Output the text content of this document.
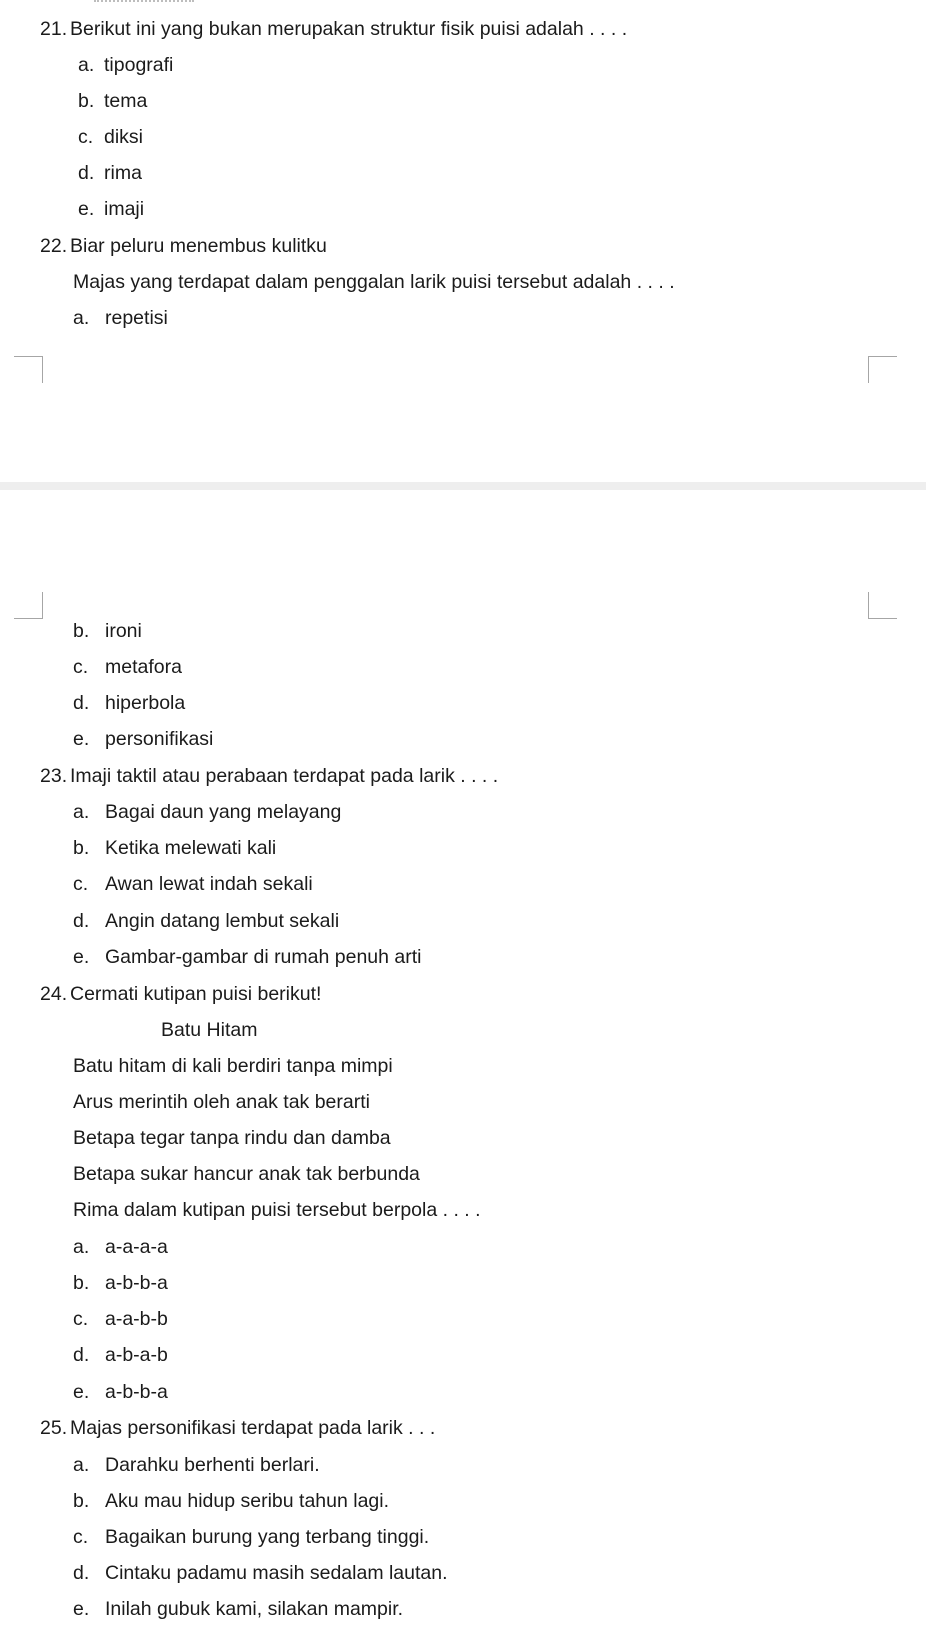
21. Berikut ini yang bukan merupakan struktur fisik puisi adalah . . . .
a. tipografi
b. tema
c. diksi
d. rima
e. imaji
22. Biar peluru menembus kulitku
Majas yang terdapat dalam penggalan larik puisi tersebut adalah . . . .
a. repetisi
b. ironi
c. metafora
d. hiperbola
e. personifikasi
23. Imaji taktil atau perabaan terdapat pada larik . . . .
a. Bagai daun yang melayang
b. Ketika melewati kali
c. Awan lewat indah sekali
d. Angin datang lembut sekali
e. Gambar-gambar di rumah penuh arti
24. Cermati kutipan puisi berikut!
Batu Hitam
Batu hitam di kali berdiri tanpa mimpi
Arus merintih oleh anak tak berarti
Betapa tegar tanpa rindu dan damba
Betapa sukar hancur anak tak berbunda
Rima dalam kutipan puisi tersebut berpola . . . .
a. a-a-a-a
b. a-b-b-a
c. a-a-b-b
d. a-b-a-b
e. a-b-b-a
25. Majas personifikasi terdapat pada larik . . .
a. Darahku berhenti berlari.
b. Aku mau hidup seribu tahun lagi.
c. Bagaikan burung yang terbang tinggi.
d. Cintaku padamu masih sedalam lautan.
e. Inilah gubuk kami, silakan mampir.
